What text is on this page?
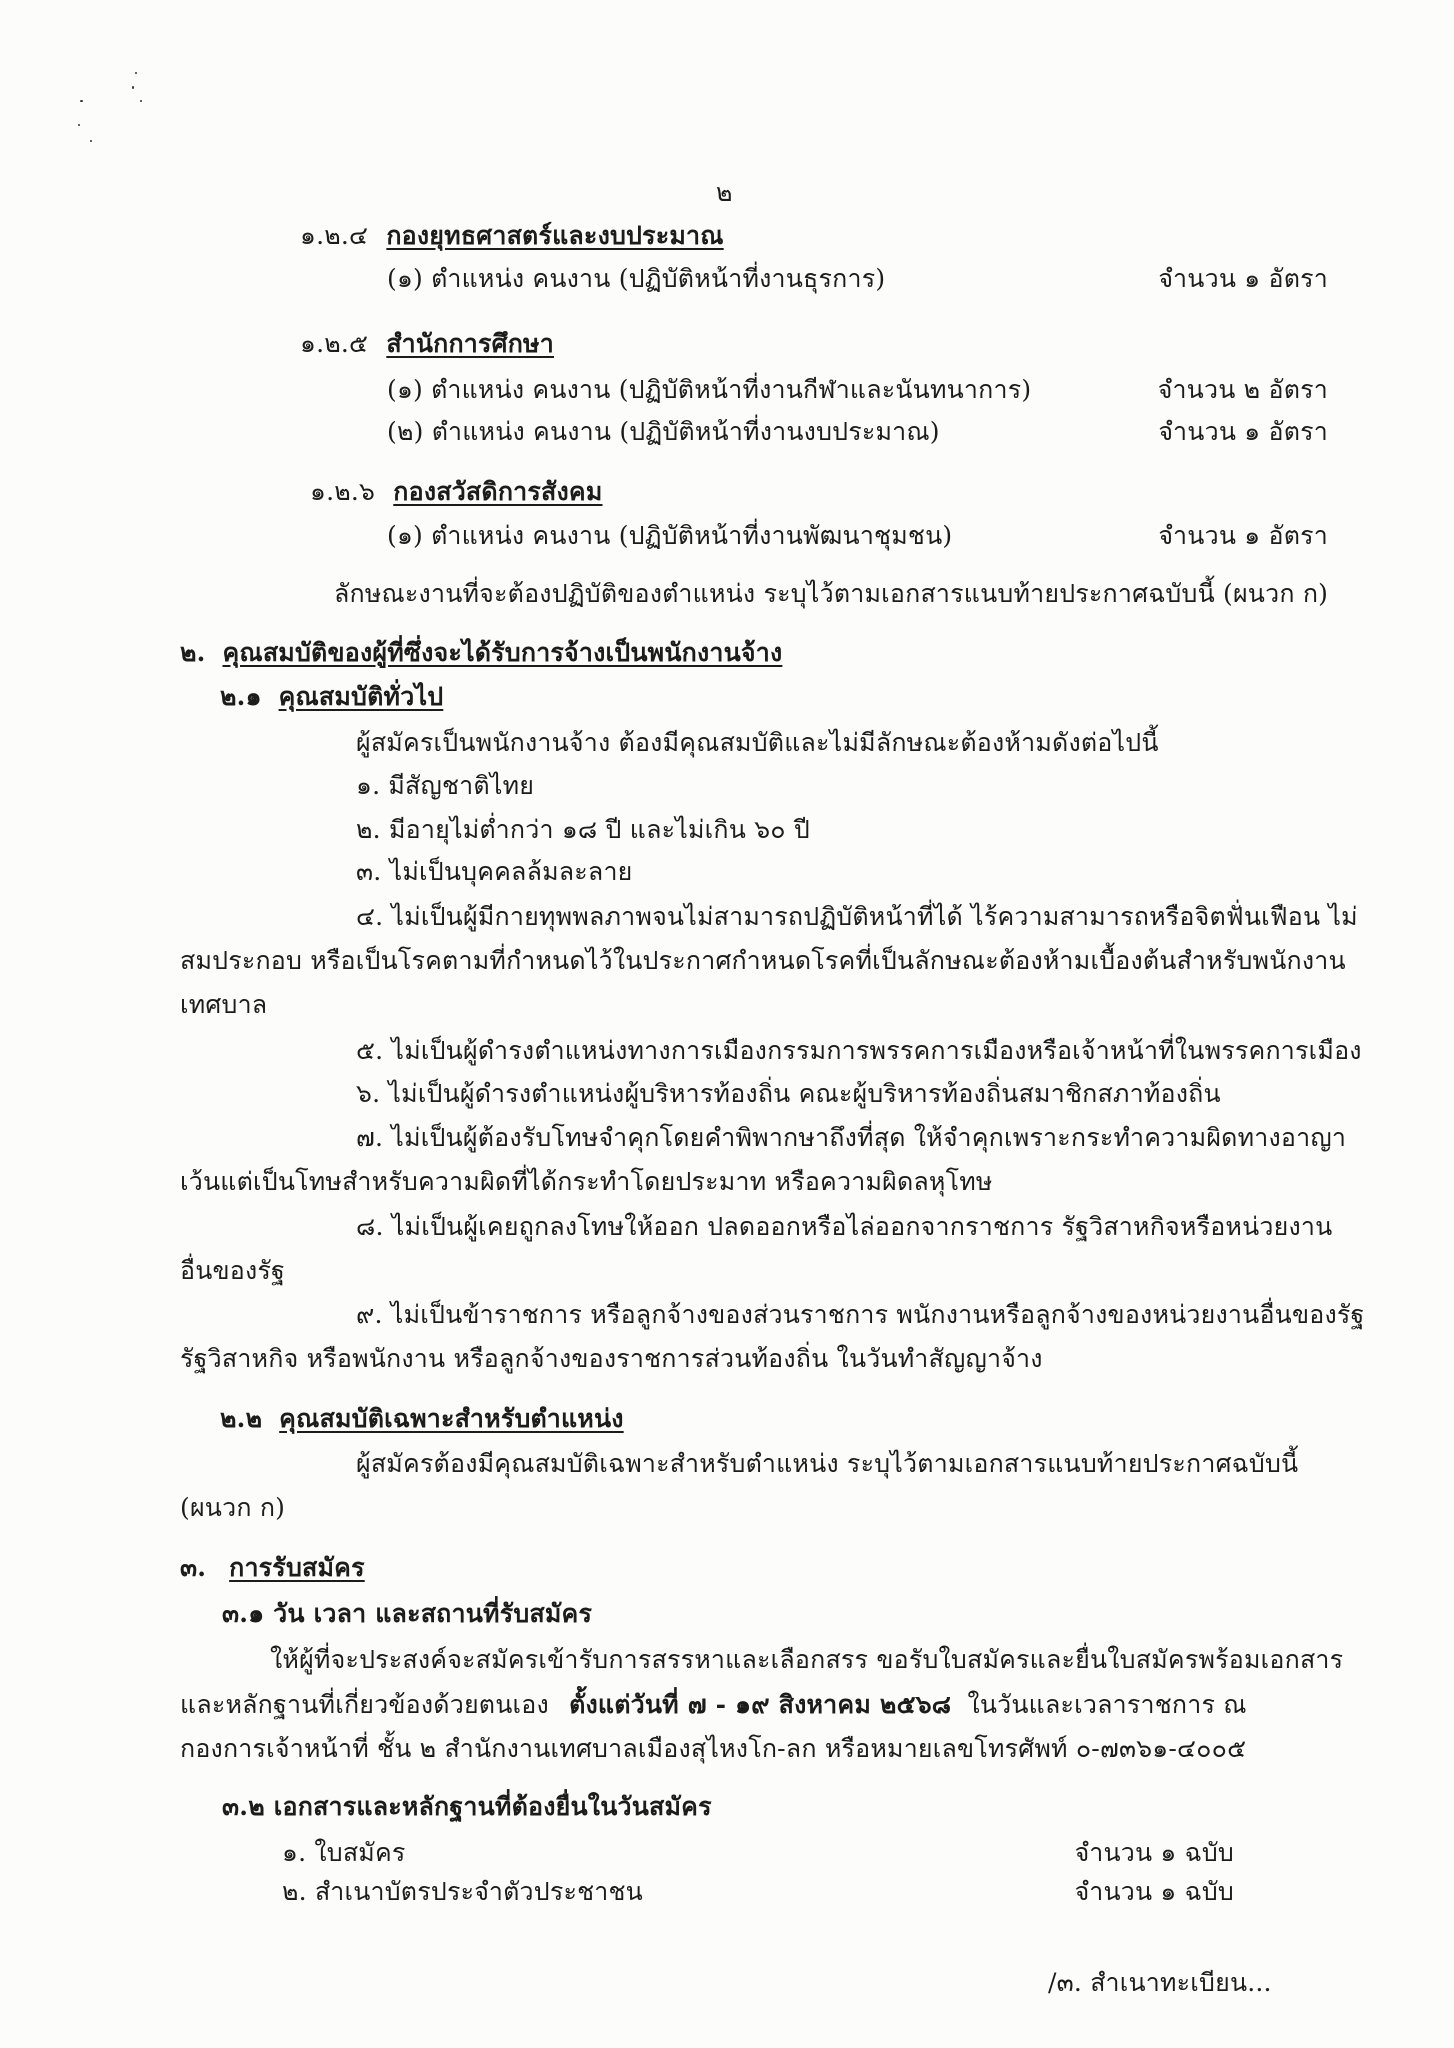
๒
๑.๒.๔ กองยุทธศาสตร์และงบประมาณ
(๑) ตำแหน่ง คนงาน (ปฏิบัติหน้าที่งานธุรการ)	จำนวน ๑ อัตรา
๑.๒.๕ สำนักการศึกษา
(๑) ตำแหน่ง คนงาน (ปฏิบัติหน้าที่งานกีฬาและนันทนาการ)	จำนวน ๒ อัตรา
(๒) ตำแหน่ง คนงาน (ปฏิบัติหน้าที่งานงบประมาณ)	จำนวน ๑ อัตรา
๑.๒.๖ กองสวัสดิการสังคม
(๑) ตำแหน่ง คนงาน (ปฏิบัติหน้าที่งานพัฒนาชุมชน)	จำนวน ๑ อัตรา
ลักษณะงานที่จะต้องปฏิบัติของตำแหน่ง ระบุไว้ตามเอกสารแนบท้ายประกาศฉบับนี้ (ผนวก ก)
๒. คุณสมบัติของผู้ที่ซึ่งจะได้รับการจ้างเป็นพนักงานจ้าง
๒.๑ คุณสมบัติทั่วไป
ผู้สมัครเป็นพนักงานจ้าง ต้องมีคุณสมบัติและไม่มีลักษณะต้องห้ามดังต่อไปนี้
๑. มีสัญชาติไทย
๒. มีอายุไม่ต่ำกว่า ๑๘ ปี และไม่เกิน ๖๐ ปี
๓. ไม่เป็นบุคคลล้มละลาย
๔. ไม่เป็นผู้มีกายทุพพลภาพจนไม่สามารถปฏิบัติหน้าที่ได้ ไร้ความสามารถหรือจิตฟั่นเฟือน ไม่
สมประกอบ หรือเป็นโรคตามที่กำหนดไว้ในประกาศกำหนดโรคที่เป็นลักษณะต้องห้ามเบื้องต้นสำหรับพนักงาน
เทศบาล
๕. ไม่เป็นผู้ดำรงตำแหน่งทางการเมืองกรรมการพรรคการเมืองหรือเจ้าหน้าที่ในพรรคการเมือง
๖. ไม่เป็นผู้ดำรงตำแหน่งผู้บริหารท้องถิ่น คณะผู้บริหารท้องถิ่นสมาชิกสภาท้องถิ่น
๗. ไม่เป็นผู้ต้องรับโทษจำคุกโดยคำพิพากษาถึงที่สุด ให้จำคุกเพราะกระทำความผิดทางอาญา
เว้นแต่เป็นโทษสำหรับความผิดที่ได้กระทำโดยประมาท หรือความผิดลหุโทษ
๘. ไม่เป็นผู้เคยถูกลงโทษให้ออก ปลดออกหรือไล่ออกจากราชการ รัฐวิสาหกิจหรือหน่วยงาน
อื่นของรัฐ
๙. ไม่เป็นข้าราชการ หรือลูกจ้างของส่วนราชการ พนักงานหรือลูกจ้างของหน่วยงานอื่นของรัฐ
รัฐวิสาหกิจ หรือพนักงาน หรือลูกจ้างของราชการส่วนท้องถิ่น ในวันทำสัญญาจ้าง
๒.๒ คุณสมบัติเฉพาะสำหรับตำแหน่ง
ผู้สมัครต้องมีคุณสมบัติเฉพาะสำหรับตำแหน่ง ระบุไว้ตามเอกสารแนบท้ายประกาศฉบับนี้
(ผนวก ก)
๓. การรับสมัคร
๓.๑ วัน เวลา และสถานที่รับสมัคร
ให้ผู้ที่จะประสงค์จะสมัครเข้ารับการสรรหาและเลือกสรร ขอรับใบสมัครและยื่นใบสมัครพร้อมเอกสาร
และหลักฐานที่เกี่ยวข้องด้วยตนเอง ตั้งแต่วันที่ ๗ - ๑๙ สิงหาคม ๒๕๖๘ ในวันและเวลาราชการ ณ
กองการเจ้าหน้าที่ ชั้น ๒ สำนักงานเทศบาลเมืองสุไหงโก-ลก หรือหมายเลขโทรศัพท์ ๐-๗๓๖๑-๔๐๐๕
๓.๒ เอกสารและหลักฐานที่ต้องยื่นในวันสมัคร
๑. ใบสมัคร	จำนวน ๑ ฉบับ
๒. สำเนาบัตรประจำตัวประชาชน	จำนวน ๑ ฉบับ
/๓. สำเนาทะเบียน...
